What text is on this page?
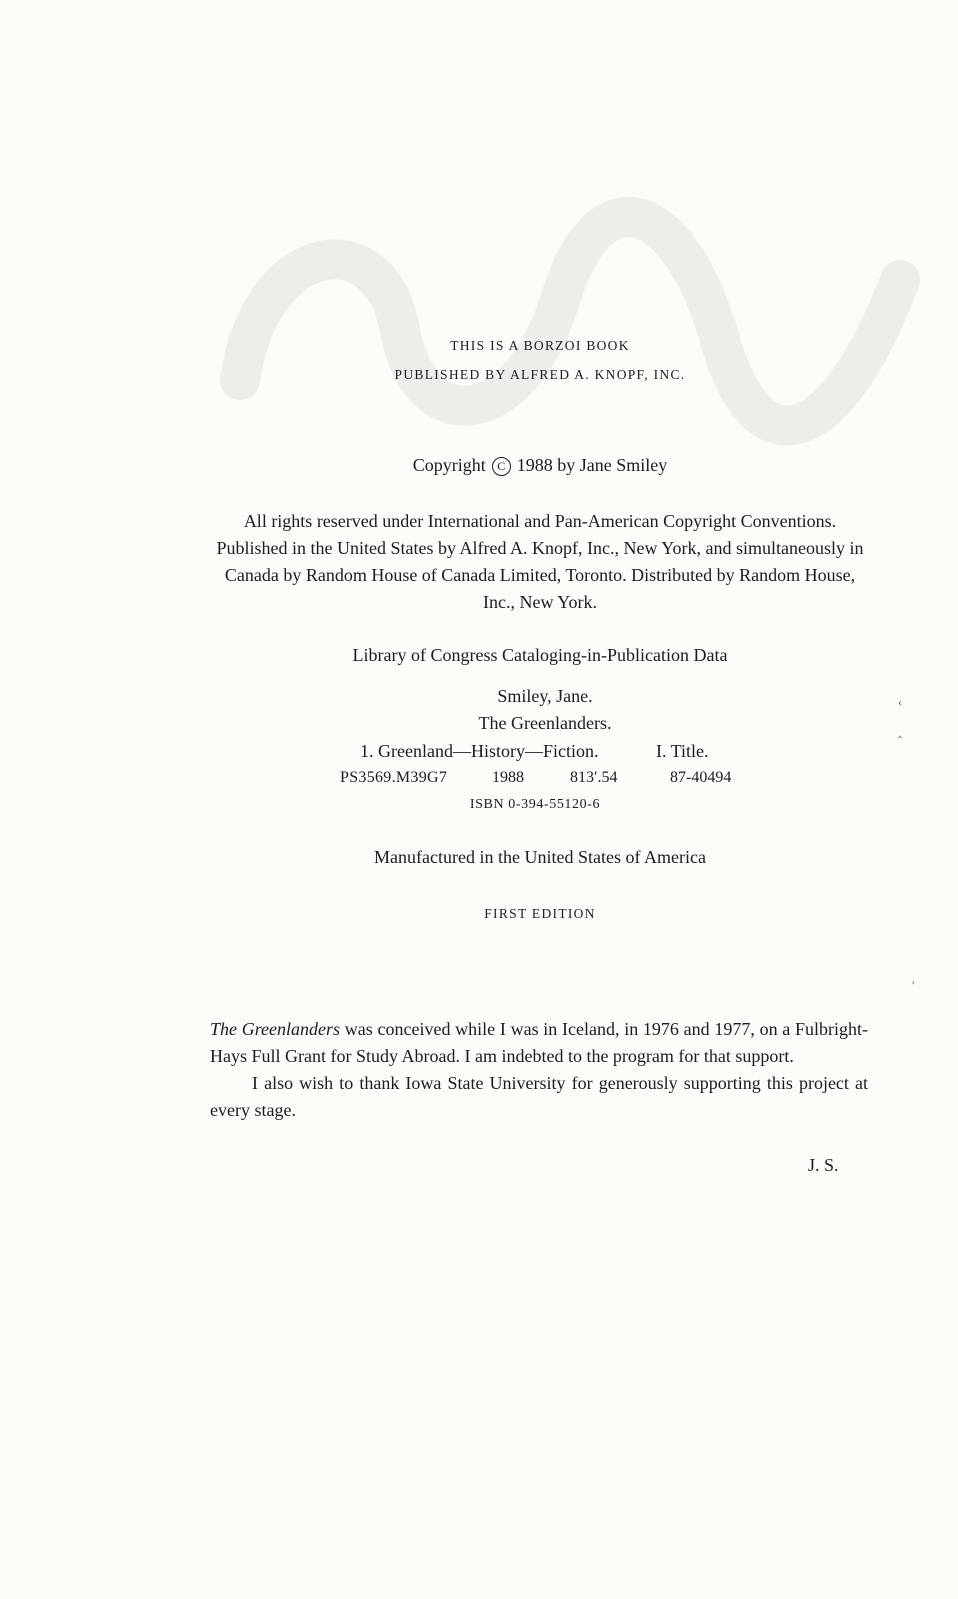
THIS IS A BORZOI BOOK
PUBLISHED BY ALFRED A. KNOPF, INC.
Copyright C 1988 by Jane Smiley
All rights reserved under International and Pan-American Copyright Conventions. Published in the United States by Alfred A. Knopf, Inc., New York, and simultaneously in Canada by Random House of Canada Limited, Toronto. Distributed by Random House, Inc., New York.
Library of Congress Cataloging-in-Publication Data
Smiley, Jane.
The Greenlanders.
1. Greenland—History—Fiction.	I. Title.
PS3569.M39G7	1988	813′.54	87-40494
ISBN 0-394-55120-6
Manufactured in the United States of America
FIRST EDITION

The Greenlanders was conceived while I was in Iceland, in 1976 and 1977, on a Fulbright-Hays Full Grant for Study Abroad. I am indebted to the program for that support.

I also wish to thank Iowa State University for generously supporting this project at every stage.

J. S.
‹
‸
′
